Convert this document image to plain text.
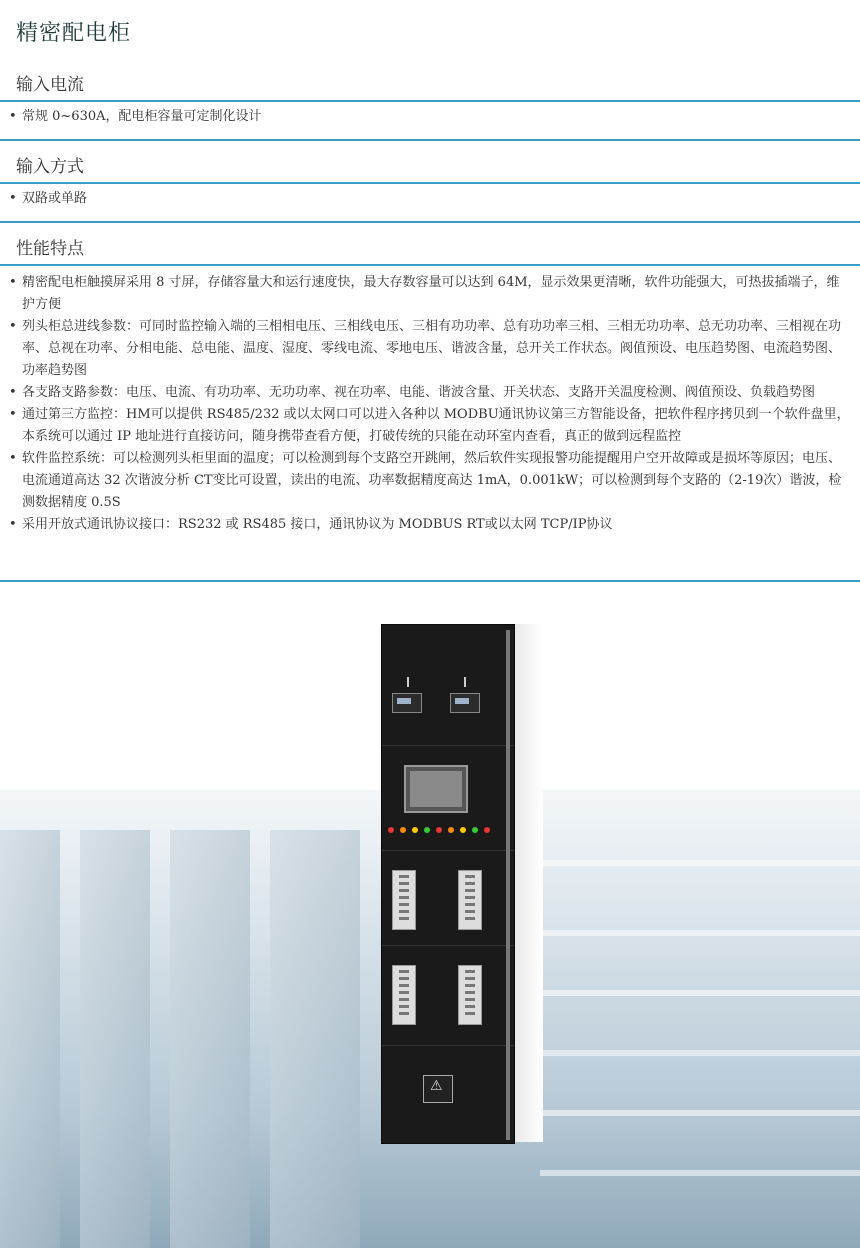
精密配电柜
输入电流
• 常规 0~630A，配电柜容量可定制化设计
输入方式
• 双路或单路
性能特点
• 精密配电柜触摸屏采用 8 寸屏，存储容量大和运行速度快，最大存数容量可以达到 64M，显示效果更清晰，软件功能强大，可热拔插端子，维护方便
• 列头柜总进线参数：可同时监控输入端的三相相电压、三相线电压、三相有功功率、总有功功率三相、三相无功功率、总无功功率、三相视在功率、总视在功率、分相电能、总电能、温度、湿度、零线电流、零地电压、谐波含量，总开关工作状态。阀值预设、电压趋势图、电流趋势图、功率趋势图
• 各支路支路参数：电压、电流、有功功率、无功功率、视在功率、电能、谐波含量、开关状态、支路开关温度检测、阀值预设、负载趋势图
• 通过第三方监控：HM可以提供 RS485/232 或以太网口可以进入各种以 MODBU通讯协议第三方智能设备，把软件程序拷贝到一个软件盘里，本系统可以通过 IP 地址进行直接访问，随身携带查看方便，打破传统的只能在动环室内查看，真正的做到远程监控
• 软件监控系统：可以检测列头柜里面的温度；可以检测到每个支路空开跳闸，然后软件实现报警功能提醒用户空开故障或是损坏等原因；电压、电流通道高达 32 次谐波分析 CT变比可设置，读出的电流、功率数据精度高达 1mA，0.001kW；可以检测到每个支路的（2-19次）谐波，检测数据精度 0.5S
• 采用开放式通讯协议接口：RS232 或 RS485 接口，通讯协议为 MODBUS RT或以太网 TCP/IP协议
⚠
